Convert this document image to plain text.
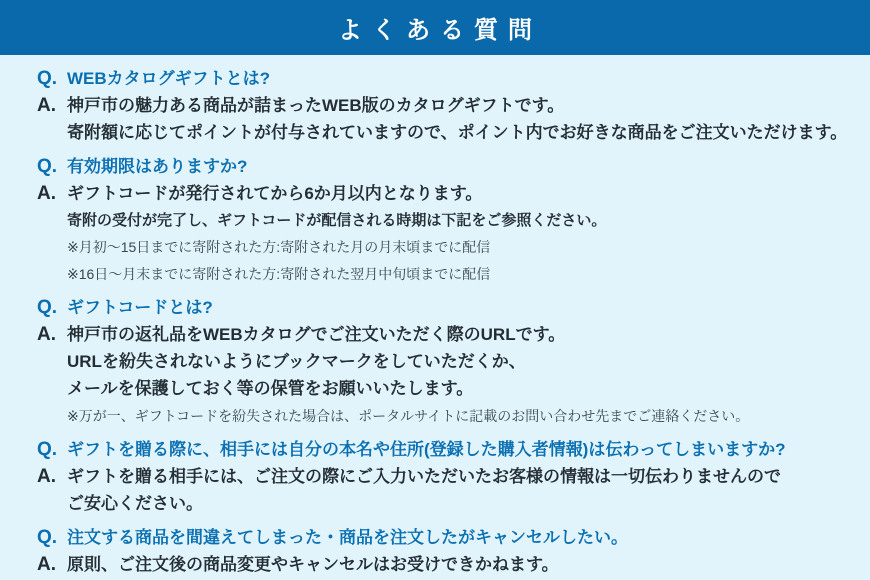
よくある質問
Q. WEBカタログギフトとは?
A. 神戸市の魅力ある商品が詰まったWEB版のカタログギフトです。
寄附額に応じてポイントが付与されていますので、ポイント内でお好きな商品をご注文いただけます。
Q. 有効期限はありますか?
A. ギフトコードが発行されてから6か月以内となります。
寄附の受付が完了し、ギフトコードが配信される時期は下記をご参照ください。
※月初〜15日までに寄附された方:寄附された月の月末頃までに配信
※16日〜月末までに寄附された方:寄附された翌月中旬頃までに配信
Q. ギフトコードとは?
A. 神戸市の返礼品をWEBカタログでご注文いただく際のURLです。
URLを紛失されないようにブックマークをしていただくか、
メールを保護しておく等の保管をお願いいたします。
※万が一、ギフトコードを紛失された場合は、ポータルサイトに記載のお問い合わせ先までご連絡ください。
Q. ギフトを贈る際に、相手には自分の本名や住所(登録した購入者情報)は伝わってしまいますか?
A. ギフトを贈る相手には、ご注文の際にご入力いただいたお客様の情報は一切伝わりませんので
ご安心ください。
Q. 注文する商品を間違えてしまった・商品を注文したがキャンセルしたい。
A. 原則、ご注文後の商品変更やキャンセルはお受けできかねます。
